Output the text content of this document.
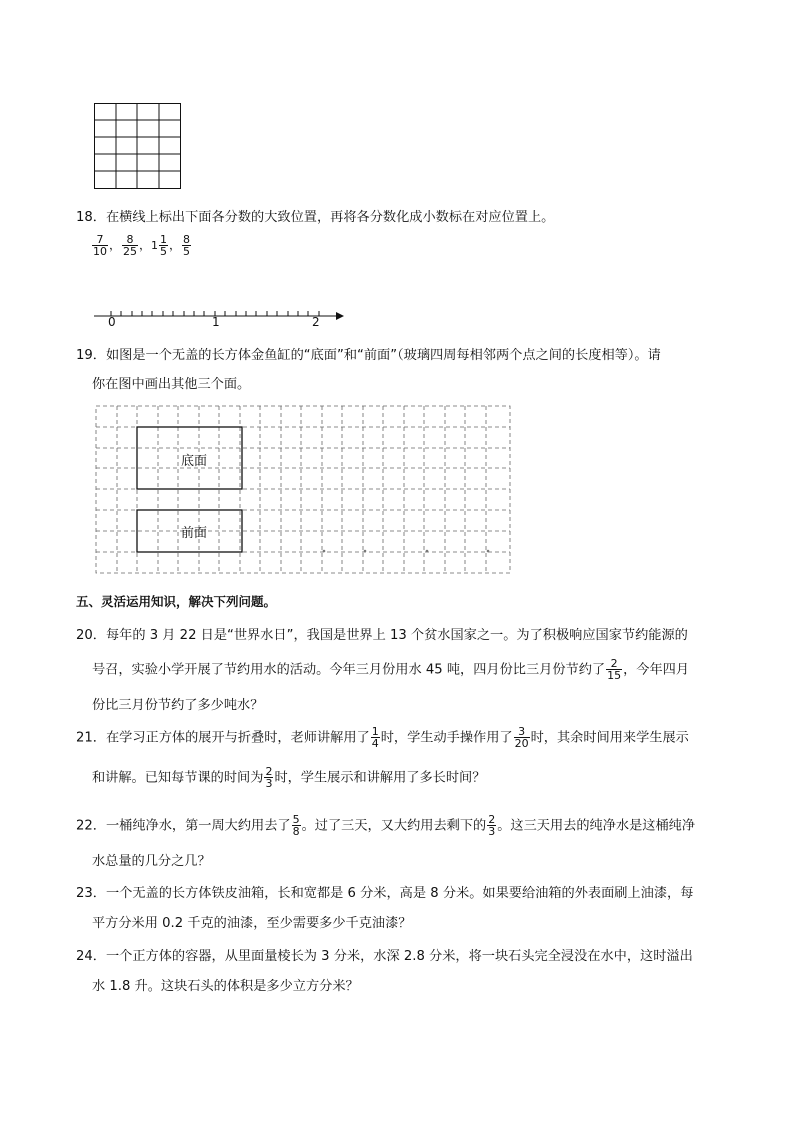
18．在横线上标出下面各分数的大致位置，再将各分数化成小数标在对应位置上。
$\frac{7}{10}$ ， $\frac{8}{25}$ ，$1 \frac{1}{5}$ ， $\frac{8}{5}$
0	1	2
19．如图是一个无盖的长方体金鱼缸的“底面”和“前面”（玻璃四周每相邻两个点之间的长度相等）。请
你在图中画出其他三个面。
底面
前面
五、灵活运用知识，解决下列问题。
20．每年的 3 月 22 日是“世界水日”，我国是世界上 13 个贫水国家之一。为了积极响应国家节约能源的
号召，实验小学开展了节约用水的活动。今年三月份用水 45 吨，四月份比三月份节约了 $\frac{2}{15}$ ，今年四月
份比三月份节约了多少吨水？
21．在学习正方体的展开与折叠时，老师讲解用了 $\frac{1}{4}$ 时，学生动手操作用了 $\frac{3}{20}$ 时，其余时间用来学生展示
和讲解。已知每节课的时间为 $\frac{2}{3}$ 时，学生展示和讲解用了多长时间？
22．一桶纯净水，第一周大约用去了 $\frac{5}{8}$ 。过了三天，又大约用去剩下的 $\frac{2}{3}$ 。这三天用去的纯净水是这桶纯净
水总量的几分之几？
23．一个无盖的长方体铁皮油箱，长和宽都是 6 分米，高是 8 分米。如果要给油箱的外表面刷上油漆，每
平方分米用 0.2 千克的油漆，至少需要多少千克油漆？
24．一个正方体的容器，从里面量棱长为 3 分米，水深 2.8 分米，将一块石头完全浸没在水中，这时溢出
水 1.8 升。这块石头的体积是多少立方分米？
